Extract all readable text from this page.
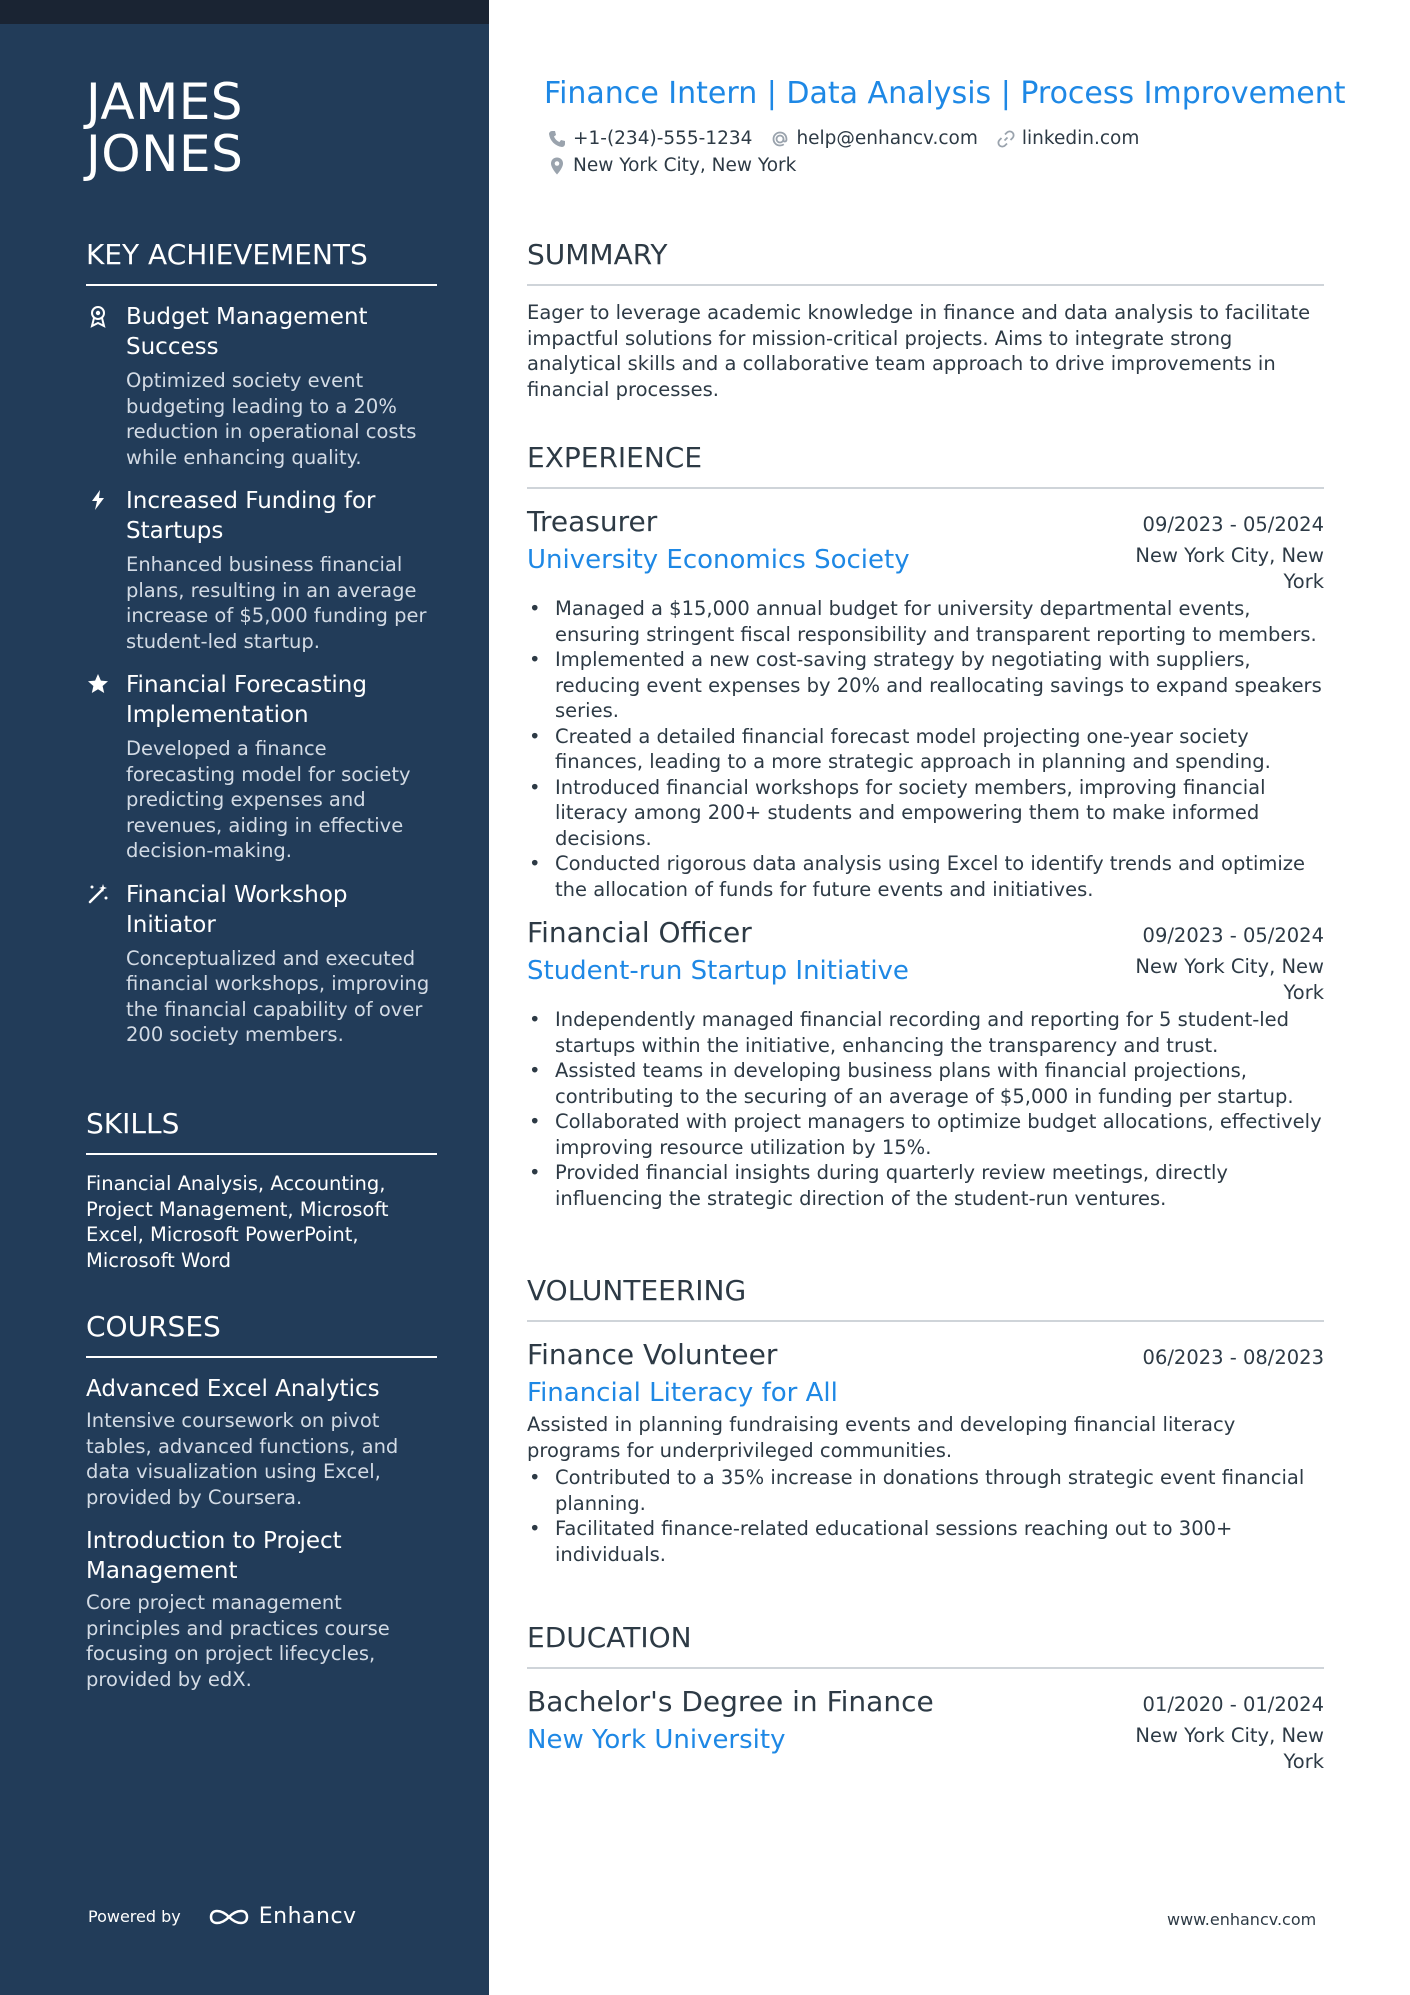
JAMES
JONES
KEY ACHIEVEMENTS
Budget Management Success
Optimized society event budgeting leading to a 20% reduction in operational costs while enhancing quality.
Increased Funding for Startups
Enhanced business financial plans, resulting in an average increase of $5,000 funding per student-led startup.
Financial Forecasting Implementation
Developed a finance forecasting model for society predicting expenses and revenues, aiding in effective decision-making.
Financial Workshop Initiator
Conceptualized and executed financial workshops, improving the financial capability of over 200 society members.
SKILLS
Financial Analysis, Accounting, Project Management, Microsoft Excel, Microsoft PowerPoint, Microsoft Word
COURSES
Advanced Excel Analytics
Intensive coursework on pivot tables, advanced functions, and data visualization using Excel, provided by Coursera.
Introduction to Project Management
Core project management principles and practices course focusing on project lifecycles, provided by edX.
Powered by	Enhancv
Finance Intern | Data Analysis | Process Improvement
+1-(234)-555-1234 help@enhancv.com linkedin.com
New York City, New York
SUMMARY
Eager to leverage academic knowledge in finance and data analysis to facilitate impactful solutions for mission-critical projects. Aims to integrate strong analytical skills and a collaborative team approach to drive improvements in financial processes.
EXPERIENCE
Treasurer	09/2023 - 05/2024
University Economics Society	New York City, New York
• Managed a $15,000 annual budget for university departmental events, ensuring stringent fiscal responsibility and transparent reporting to members.
• Implemented a new cost-saving strategy by negotiating with suppliers, reducing event expenses by 20% and reallocating savings to expand speakers series.
• Created a detailed financial forecast model projecting one-year society finances, leading to a more strategic approach in planning and spending.
• Introduced financial workshops for society members, improving financial literacy among 200+ students and empowering them to make informed decisions.
• Conducted rigorous data analysis using Excel to identify trends and optimize the allocation of funds for future events and initiatives.
Financial Officer	09/2023 - 05/2024
Student-run Startup Initiative	New York City, New York
• Independently managed financial recording and reporting for 5 student-led startups within the initiative, enhancing the transparency and trust.
• Assisted teams in developing business plans with financial projections, contributing to the securing of an average of $5,000 in funding per startup.
• Collaborated with project managers to optimize budget allocations, effectively improving resource utilization by 15%.
• Provided financial insights during quarterly review meetings, directly influencing the strategic direction of the student-run ventures.
VOLUNTEERING
Finance Volunteer	06/2023 - 08/2023
Financial Literacy for All
Assisted in planning fundraising events and developing financial literacy programs for underprivileged communities.
• Contributed to a 35% increase in donations through strategic event financial planning.
• Facilitated finance-related educational sessions reaching out to 300+ individuals.
EDUCATION
Bachelor's Degree in Finance	01/2020 - 01/2024
New York University	New York City, New York
www.enhancv.com
